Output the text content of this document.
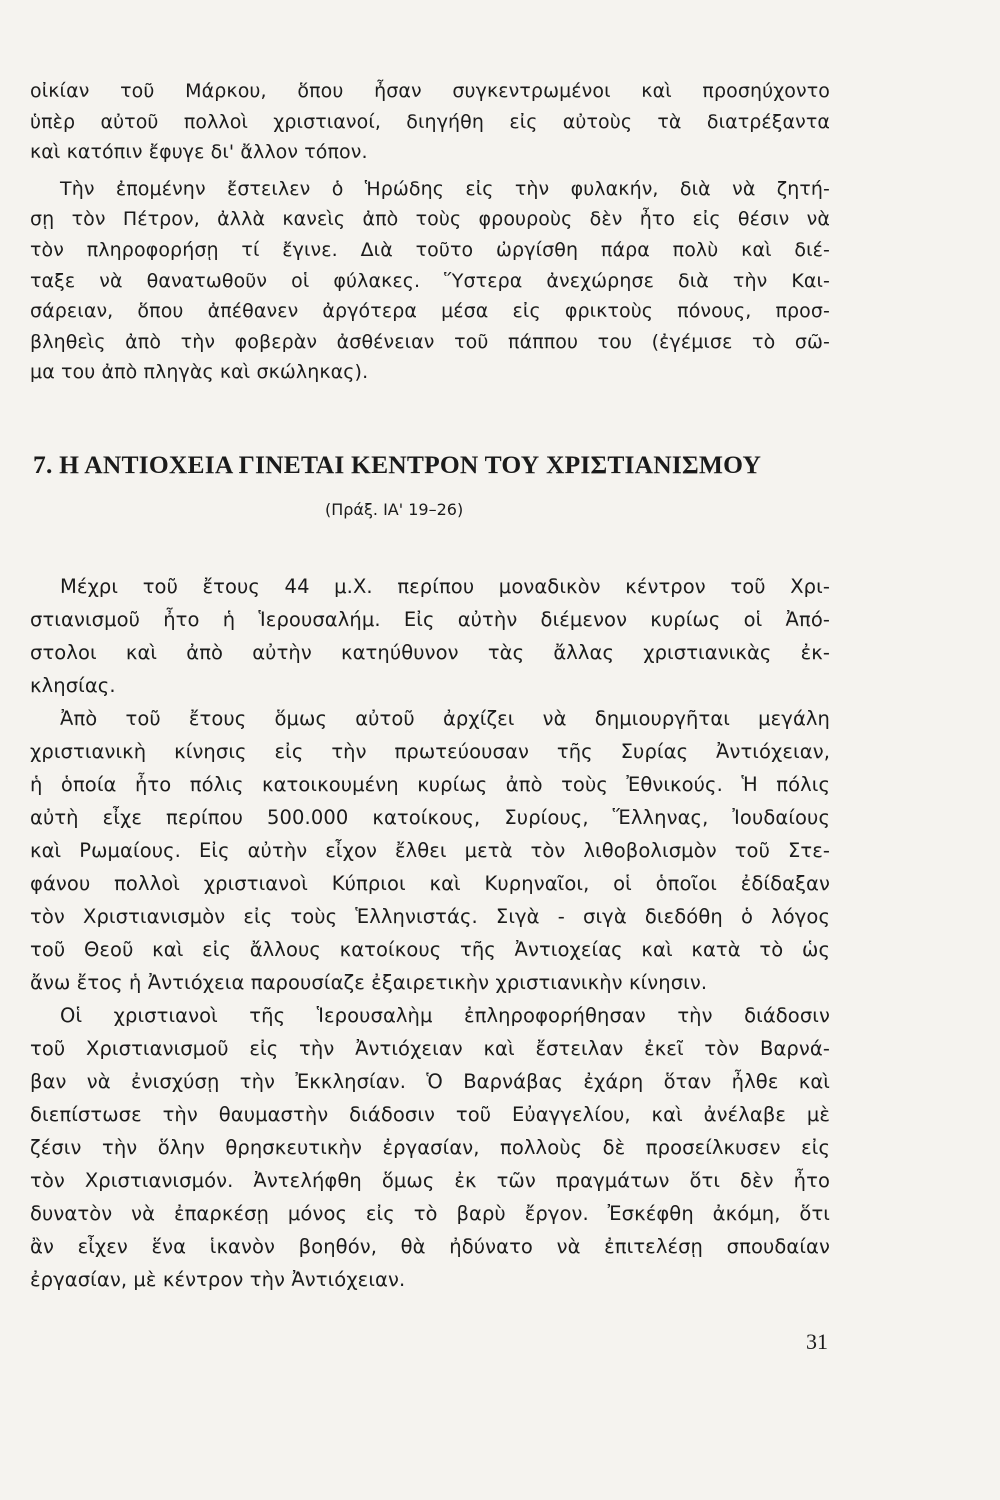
οἰκίαν τοῦ Μάρκου, ὅπου ἦσαν συγκεντρωμένοι καὶ προσηύχοντο
ὑπὲρ αὐτοῦ πολλοὶ χριστιανοί, διηγήθη εἰς αὐτοὺς τὰ διατρέξαντα
καὶ κατόπιν ἔφυγε δι' ἄλλον τόπον.
Τὴν ἐπομένην ἔστειλεν ὁ Ἡρώδης εἰς τὴν φυλακήν, διὰ νὰ ζητή-
σῃ τὸν Πέτρον, ἀλλὰ κανεὶς ἀπὸ τοὺς φρουροὺς δὲν ἦτο εἰς θέσιν νὰ
τὸν πληροφορήσῃ τί ἔγινε. Διὰ τοῦτο ὠργίσθη πάρα πολὺ καὶ διέ-
ταξε νὰ θανατωθοῦν οἱ φύλακες. Ὕστερα ἀνεχώρησε διὰ τὴν Και-
σάρειαν, ὅπου ἀπέθανεν ἀργότερα μέσα εἰς φρικτοὺς πόνους, προσ-
βληθεὶς ἀπὸ τὴν φοβερὰν ἀσθένειαν τοῦ πάππου του (ἐγέμισε τὸ σῶ-
μα του ἀπὸ πληγὰς καὶ σκώληκας).
7. Η ΑΝΤΙΟΧΕΙΑ ΓΙΝΕΤΑΙ ΚΕΝΤΡΟΝ ΤΟΥ ΧΡΙΣΤΙΑΝΙΣΜΟΥ
(Πράξ. ΙΑ' 19–26)
Μέχρι τοῦ ἔτους 44 μ.Χ. περίπου μοναδικὸν κέντρον τοῦ Χρι-
στιανισμοῦ ἦτο ἡ Ἱερουσαλήμ. Εἰς αὐτὴν διέμενον κυρίως οἱ Ἀπό-
στολοι καὶ ἀπὸ αὐτὴν κατηύθυνον τὰς ἄλλας χριστιανικὰς ἐκ-
κλησίας.
Ἀπὸ τοῦ ἔτους ὅμως αὐτοῦ ἀρχίζει νὰ δημιουργῆται μεγάλη
χριστιανικὴ κίνησις εἰς τὴν πρωτεύουσαν τῆς Συρίας Ἀντιόχειαν,
ἡ ὁποία ἦτο πόλις κατοικουμένη κυρίως ἀπὸ τοὺς Ἐθνικούς. Ἡ πόλις
αὐτὴ εἶχε περίπου 500.000 κατοίκους, Συρίους, Ἕλληνας, Ἰουδαίους
καὶ Ρωμαίους. Εἰς αὐτὴν εἶχον ἔλθει μετὰ τὸν λιθοβολισμὸν τοῦ Στε-
φάνου πολλοὶ χριστιανοὶ Κύπριοι καὶ Κυρηναῖοι, οἱ ὁποῖοι ἐδίδαξαν
τὸν Χριστιανισμὸν εἰς τοὺς Ἑλληνιστάς. Σιγὰ - σιγὰ διεδόθη ὁ λόγος
τοῦ Θεοῦ καὶ εἰς ἄλλους κατοίκους τῆς Ἀντιοχείας καὶ κατὰ τὸ ὡς
ἄνω ἔτος ἡ Ἀντιόχεια παρουσίαζε ἐξαιρετικὴν χριστιανικὴν κίνησιν.
Οἱ χριστιανοὶ τῆς Ἱερουσαλὴμ ἐπληροφορήθησαν τὴν διάδοσιν
τοῦ Χριστιανισμοῦ εἰς τὴν Ἀντιόχειαν καὶ ἔστειλαν ἐκεῖ τὸν Βαρνά-
βαν νὰ ἐνισχύσῃ τὴν Ἐκκλησίαν. Ὁ Βαρνάβας ἐχάρη ὅταν ἦλθε καὶ
διεπίστωσε τὴν θαυμαστὴν διάδοσιν τοῦ Εὐαγγελίου, καὶ ἀνέλαβε μὲ
ζέσιν τὴν ὅλην θρησκευτικὴν ἐργασίαν, πολλοὺς δὲ προσείλκυσεν εἰς
τὸν Χριστιανισμόν. Ἀντελήφθη ὅμως ἐκ τῶν πραγμάτων ὅτι δὲν ἦτο
δυνατὸν νὰ ἐπαρκέσῃ μόνος εἰς τὸ βαρὺ ἔργον. Ἐσκέφθη ἀκόμη, ὅτι
ἂν εἶχεν ἕνα ἱκανὸν βοηθόν, θὰ ἠδύνατο νὰ ἐπιτελέσῃ σπουδαίαν
ἐργασίαν, μὲ κέντρον τὴν Ἀντιόχειαν.
31
